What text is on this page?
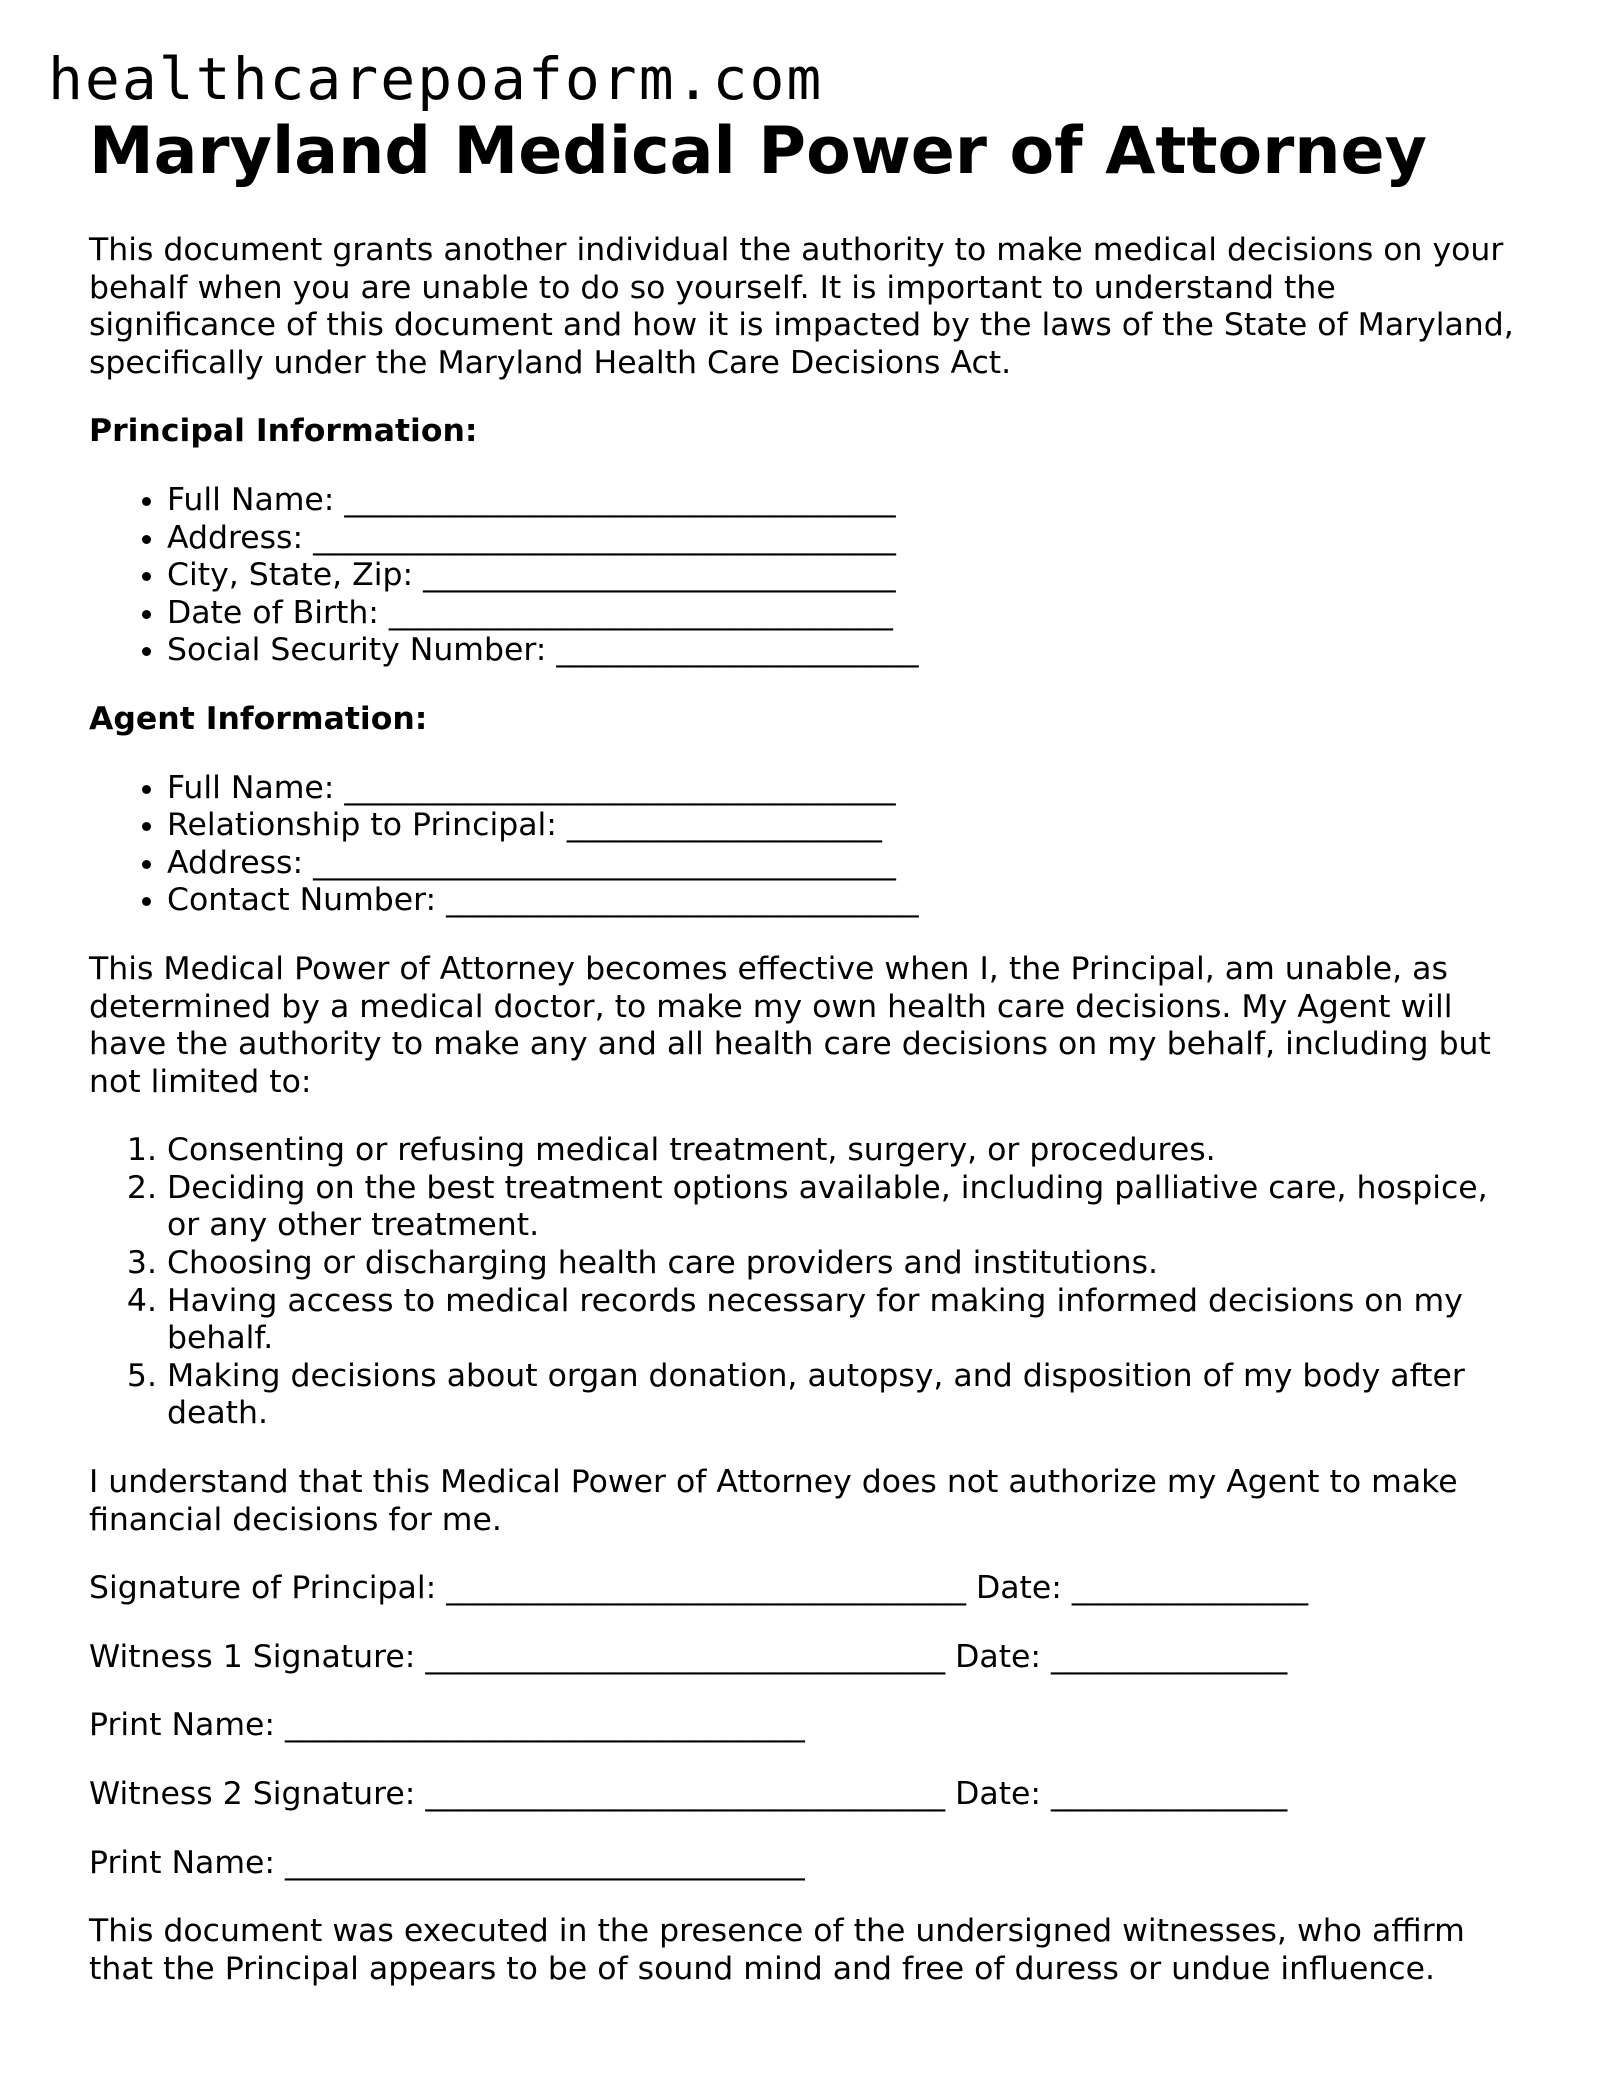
healthcarepoaform.com
Maryland Medical Power of Attorney

This document grants another individual the authority to make medical decisions on your behalf when you are unable to do so yourself. It is important to understand the significance of this document and how it is impacted by the laws of the State of Maryland, specifically under the Maryland Health Care Decisions Act.

Principal Information:

• Full Name: ___________________________________
• Address: _____________________________________
• City, State, Zip: ______________________________
• Date of Birth: ________________________________
• Social Security Number: _______________________

Agent Information:

• Full Name: ___________________________________
• Relationship to Principal: ____________________
• Address: _____________________________________
• Contact Number: ______________________________

This Medical Power of Attorney becomes effective when I, the Principal, am unable, as determined by a medical doctor, to make my own health care decisions. My Agent will have the authority to make any and all health care decisions on my behalf, including but not limited to:

1. Consenting or refusing medical treatment, surgery, or procedures.
2. Deciding on the best treatment options available, including palliative care, hospice, or any other treatment.
3. Choosing or discharging health care providers and institutions.
4. Having access to medical records necessary for making informed decisions on my behalf.
5. Making decisions about organ donation, autopsy, and disposition of my body after death.

I understand that this Medical Power of Attorney does not authorize my Agent to make financial decisions for me.

Signature of Principal: _________________________________ Date: _______________

Witness 1 Signature: _________________________________ Date: _______________

Print Name: _________________________________

Witness 2 Signature: _________________________________ Date: _______________

Print Name: _________________________________

This document was executed in the presence of the undersigned witnesses, who affirm that the Principal appears to be of sound mind and free of duress or undue influence.
